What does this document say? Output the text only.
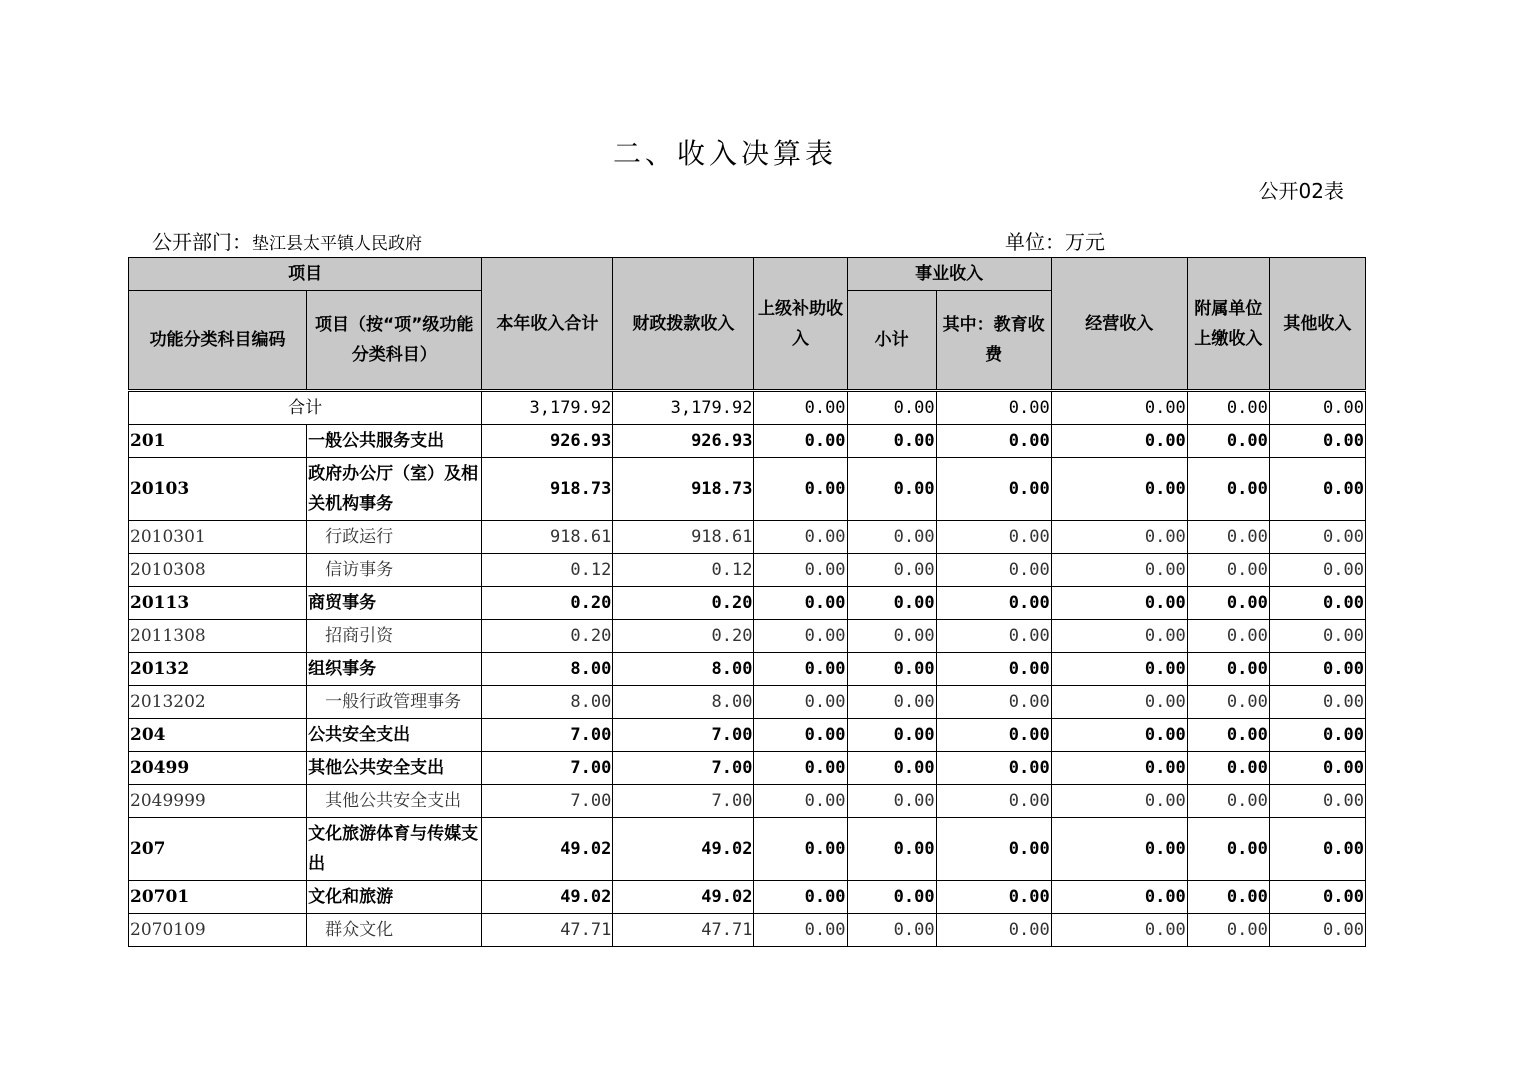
二、收入决算表
公开02表
公开部门：垫江县太平镇人民政府	单位：万元
项目		本年收入合计	财政拨款收入	上级补助收入	事业收入		经营收入	附属单位上缴收入	其他收入
功能分类科目编码	项目（按“项”级功能分类科目）				小计	其中：教育收费			
合计		3,179.92	3,179.92	0.00	0.00	0.00	0.00	0.00	0.00
201	一般公共服务支出	926.93	926.93	0.00	0.00	0.00	0.00	0.00	0.00
20103	政府办公厅（室）及相关机构事务	918.73	918.73	0.00	0.00	0.00	0.00	0.00	0.00
2010301	行政运行	918.61	918.61	0.00	0.00	0.00	0.00	0.00	0.00
2010308	信访事务	0.12	0.12	0.00	0.00	0.00	0.00	0.00	0.00
20113	商贸事务	0.20	0.20	0.00	0.00	0.00	0.00	0.00	0.00
2011308	招商引资	0.20	0.20	0.00	0.00	0.00	0.00	0.00	0.00
20132	组织事务	8.00	8.00	0.00	0.00	0.00	0.00	0.00	0.00
2013202	一般行政管理事务	8.00	8.00	0.00	0.00	0.00	0.00	0.00	0.00
204	公共安全支出	7.00	7.00	0.00	0.00	0.00	0.00	0.00	0.00
20499	其他公共安全支出	7.00	7.00	0.00	0.00	0.00	0.00	0.00	0.00
2049999	其他公共安全支出	7.00	7.00	0.00	0.00	0.00	0.00	0.00	0.00
207	文化旅游体育与传媒支出	49.02	49.02	0.00	0.00	0.00	0.00	0.00	0.00
20701	文化和旅游	49.02	49.02	0.00	0.00	0.00	0.00	0.00	0.00
2070109	群众文化	47.71	47.71	0.00	0.00	0.00	0.00	0.00	0.00
